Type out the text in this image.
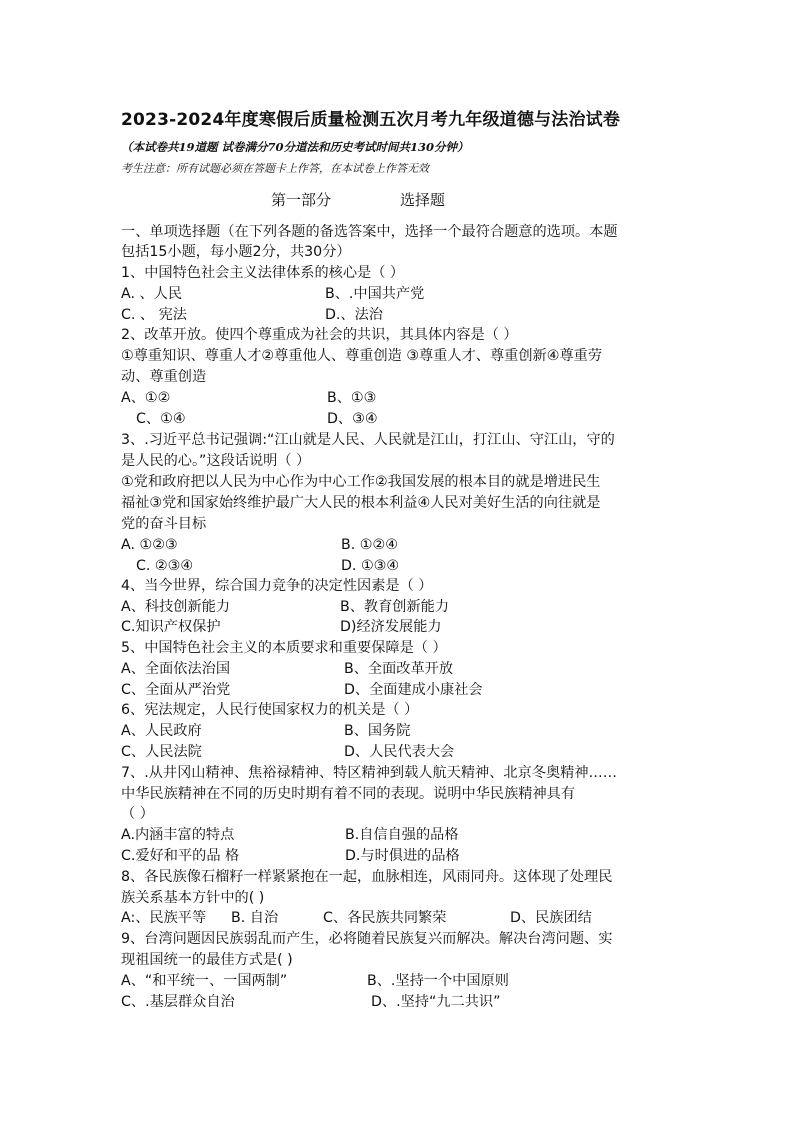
2023-2024年度寒假后质量检测五次月考九年级道德与法治试卷
（本试卷共19道题 试卷满分70分道法和历史考试时间共130分钟）
考生注意：所有试题必须在答题卡上作答，在本试卷上作答无效
第一部分	选择题
一、单项选择题（在下列各题的备选答案中，选择一个最符合题意的选项。本题
包括15小题，每小题2分，共30分）
1、中国特色社会主义法律体系的核心是（ ）
A. 、人民	B、.中国共产党
C. 、 宪法	D.、法治
2、改革开放。使四个尊重成为社会的共识，其具体内容是（ ）
①尊重知识、尊重人才②尊重他人、尊重创造 ③尊重人才、尊重创新④尊重劳
动、尊重创造
A、①②	B、①③
C、①④	D、③④
3、.习近平总书记强调:“江山就是人民、人民就是江山，打江山、守江山，守的
是人民的心。”这段话说明（ ）
①党和政府把以人民为中心作为中心工作②我国发展的根本目的就是增进民生
福祉③党和国家始终维护最广大人民的根本利益④人民对美好生活的向往就是
党的奋斗目标
A. ①②③	B. ①②④
C. ②③④	D. ①③④
4、当今世界，综合国力竞争的决定性因素是（ ）
A、科技创新能力	B、教育创新能力
C.知识产权保护	D)经济发展能力
5、中国特色社会主义的本质要求和重要保障是（ ）
A、全面依法治国	B、全面改革开放
C、全面从严治党	D、全面建成小康社会
6、宪法规定，人民行使国家权力的机关是（ ）
A、人民政府	B、国务院
C、人民法院	D、人民代表大会
7、.从井冈山精神、焦裕禄精神、特区精神到载人航天精神、北京冬奥精神……
中华民族精神在不同的历史时期有着不同的表现。说明中华民族精神具有
（ ）
A.内涵丰富的特点	B.自信自强的品格
C.爱好和平的品 格	D.与时俱进的品格
8、各民族像石榴籽一样紧紧抱在一起，血脉相连，风雨同舟。这体现了处理民
族关系基本方针中的( )
A:、民族平等 B. 自治	C、各民族共同繁荣	D、民族团结
9、台湾问题因民族弱乱而产生，必将随着民族复兴而解决。解决台湾问题、实
现祖国统一的最佳方式是( )
A、“和平统一、一国两制”	B、.坚持一个中国原则
C、.基层群众自治	D、.坚持“九二共识”
